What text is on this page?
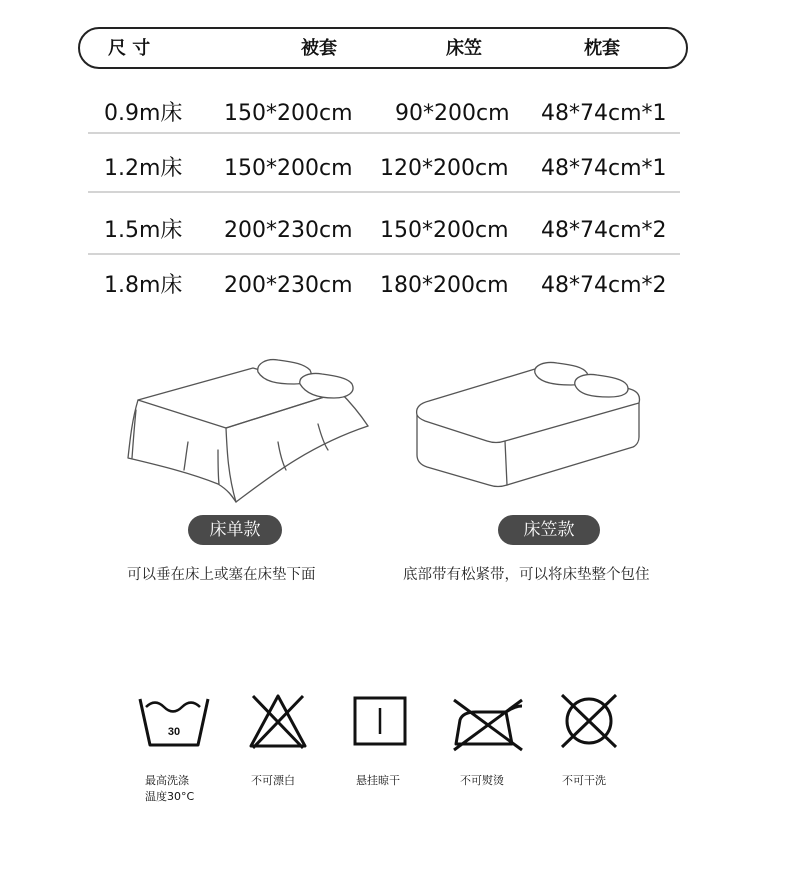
尺 寸	被套	床笠	枕套
0.9m床 150*200cm 90*200cm 48*74cm*1
1.2m床 150*200cm 120*200cm 48*74cm*1
1.5m床 200*230cm 150*200cm 48*74cm*2
1.8m床 200*230cm 180*200cm 48*74cm*2
床单款
可以垂在床上或塞在床垫下面
床笠款
底部带有松紧带，可以将床垫整个包住
30
最高洗涤
温度30°C
不可漂白	悬挂晾干	不可熨烫	不可干洗
